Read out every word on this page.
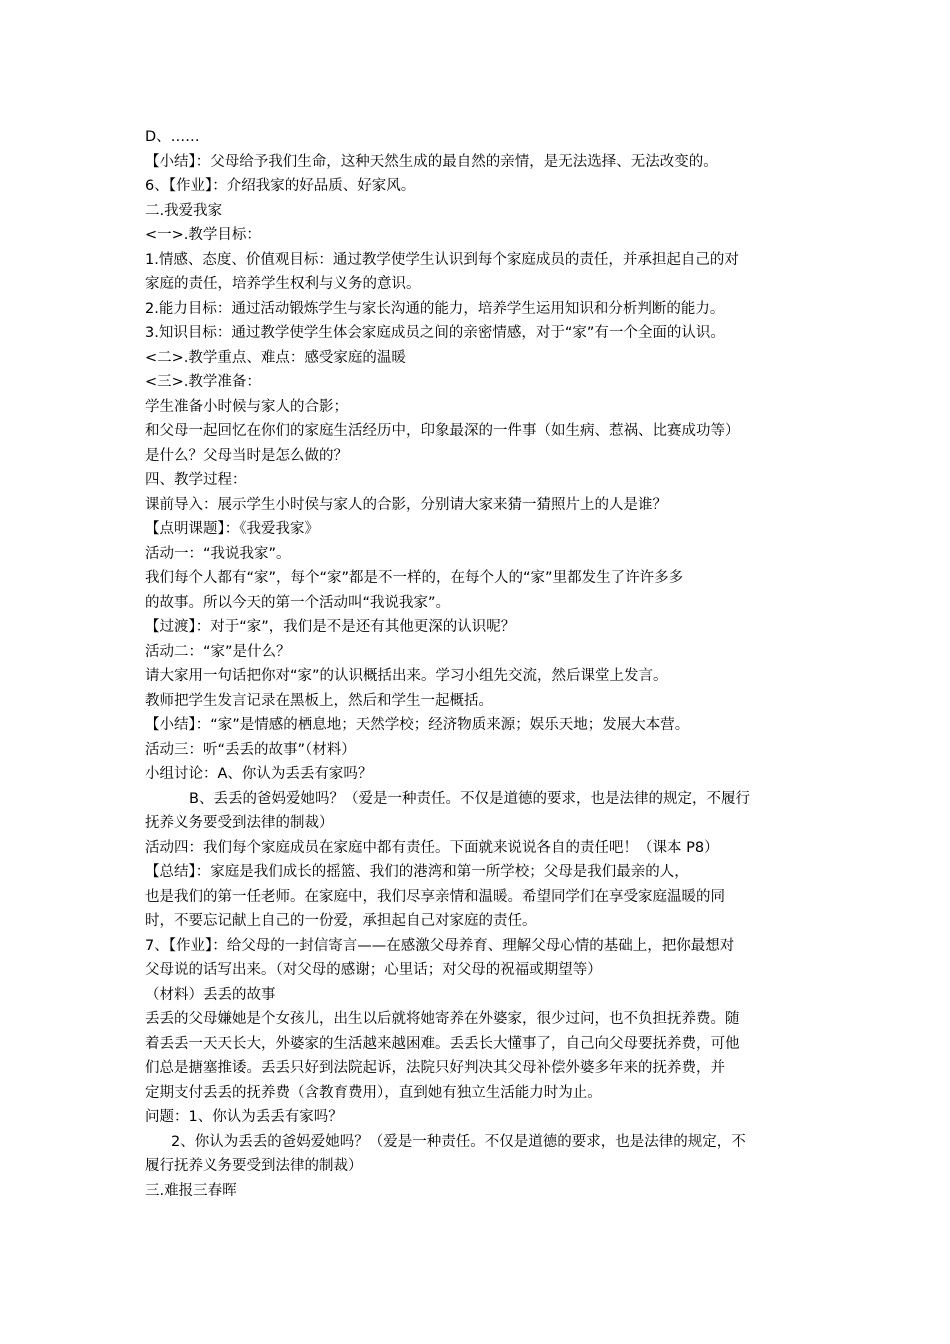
D、……
【小结】：父母给予我们生命，这种天然生成的最自然的亲情，是无法选择、无法改变的。
6、【作业】：介绍我家的好品质、好家风。
二.我爱我家
<一>.教学目标：
1.情感、态度、价值观目标：通过教学使学生认识到每个家庭成员的责任，并承担起自己的对
家庭的责任，培养学生权利与义务的意识。
2.能力目标：通过活动锻炼学生与家长沟通的能力，培养学生运用知识和分析判断的能力。
3.知识目标：通过教学使学生体会家庭成员之间的亲密情感，对于“家”有一个全面的认识。
<二>.教学重点、难点：感受家庭的温暖
<三>.教学准备：
学生准备小时候与家人的合影；
和父母一起回忆在你们的家庭生活经历中，印象最深的一件事（如生病、惹祸、比赛成功等）
是什么？父母当时是怎么做的？
四、教学过程：
课前导入：展示学生小时侯与家人的合影，分别请大家来猜一猜照片上的人是谁？
【点明课题】：《我爱我家》
活动一：“我说我家”。
我们每个人都有“家”，每个“家”都是不一样的，在每个人的“家”里都发生了许许多多
的故事。所以今天的第一个活动叫“我说我家”。
【过渡】：对于“家”，我们是不是还有其他更深的认识呢？
活动二：“家”是什么？
请大家用一句话把你对“家”的认识概括出来。学习小组先交流，然后课堂上发言。
教师把学生发言记录在黑板上，然后和学生一起概括。
【小结】：“家”是情感的栖息地；天然学校；经济物质来源；娱乐天地；发展大本营。
活动三：听“丢丢的故事”（材料）
小组讨论：A、你认为丢丢有家吗？
B、丢丢的爸妈爱她吗？（爱是一种责任。不仅是道德的要求，也是法律的规定，不履行
抚养义务要受到法律的制裁）
活动四：我们每个家庭成员在家庭中都有责任。下面就来说说各自的责任吧！（课本 P8）
【总结】：家庭是我们成长的摇篮、我们的港湾和第一所学校；父母是我们最亲的人，
也是我们的第一任老师。在家庭中，我们尽享亲情和温暖。希望同学们在享受家庭温暖的同
时，不要忘记献上自己的一份爱，承担起自己对家庭的责任。
7、【作业】：给父母的一封信寄言——在感激父母养育、理解父母心情的基础上，把你最想对
父母说的话写出来。（对父母的感谢；心里话；对父母的祝福或期望等）
（材料）丢丢的故事
丢丢的父母嫌她是个女孩儿，出生以后就将她寄养在外婆家，很少过问，也不负担抚养费。随
着丢丢一天天长大，外婆家的生活越来越困难。丢丢长大懂事了，自己向父母要抚养费，可他
们总是搪塞推诿。丢丢只好到法院起诉，法院只好判决其父母补偿外婆多年来的抚养费，并
定期支付丢丢的抚养费（含教育费用），直到她有独立生活能力时为止。
问题：1、你认为丢丢有家吗？
2、你认为丢丢的爸妈爱她吗？（爱是一种责任。不仅是道德的要求，也是法律的规定，不
履行抚养义务要受到法律的制裁）
三.难报三春晖
